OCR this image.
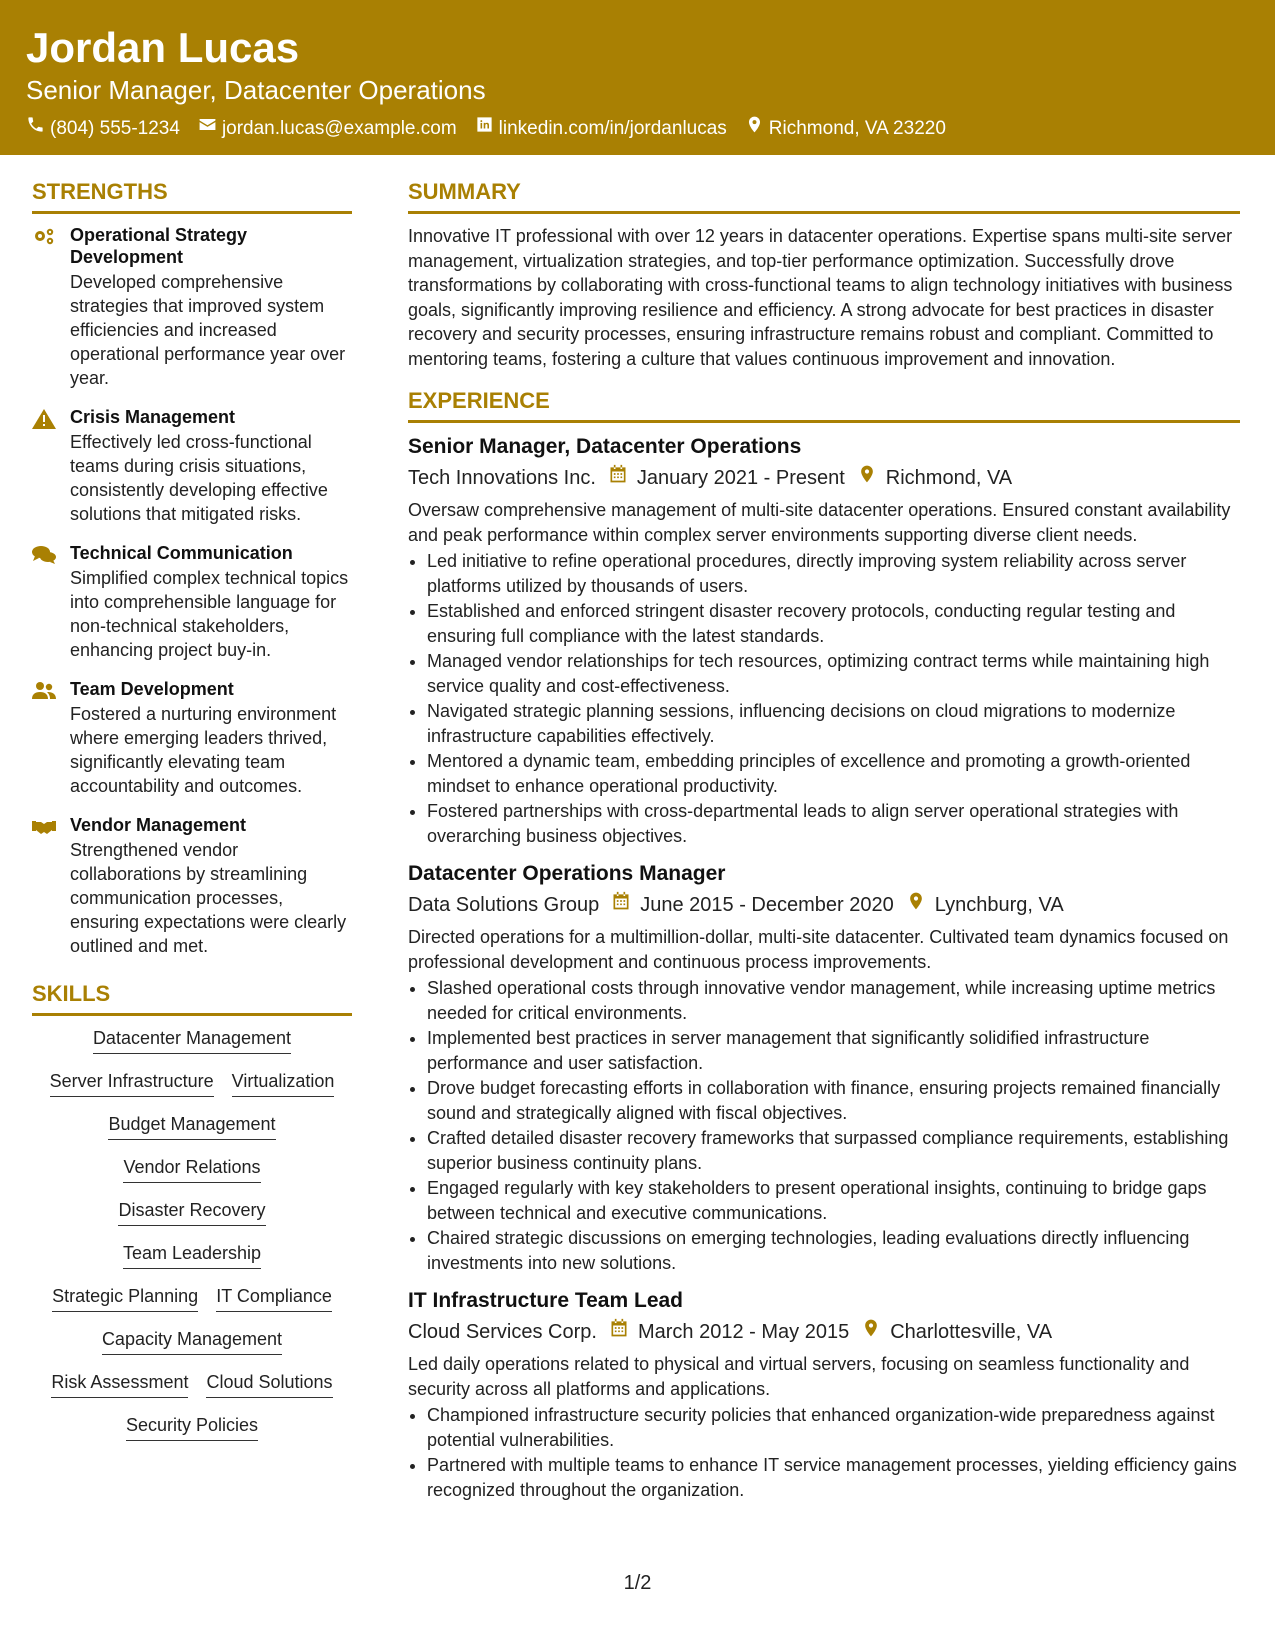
Jordan Lucas
Senior Manager, Datacenter Operations
(804) 555-1234 jordan.lucas@example.com linkedin.com/in/jordanlucas Richmond, VA 23220
STRENGTHS
Operational Strategy Development
Developed comprehensive strategies that improved system efficiencies and increased operational performance year over year.
Crisis Management
Effectively led cross-functional teams during crisis situations, consistently developing effective solutions that mitigated risks.
Technical Communication
Simplified complex technical topics into comprehensible language for non-technical stakeholders, enhancing project buy-in.
Team Development
Fostered a nurturing environment where emerging leaders thrived, significantly elevating team accountability and outcomes.
Vendor Management
Strengthened vendor collaborations by streamlining communication processes, ensuring expectations were clearly outlined and met.
SKILLS
Datacenter Management
Server Infrastructure Virtualization
Budget Management
Vendor Relations
Disaster Recovery
Team Leadership
Strategic Planning IT Compliance
Capacity Management
Risk Assessment Cloud Solutions
Security Policies
SUMMARY

Innovative IT professional with over 12 years in datacenter operations. Expertise spans multi-site server management, virtualization strategies, and top-tier performance optimization. Successfully drove transformations by collaborating with cross-functional teams to align technology initiatives with business goals, significantly improving resilience and efficiency. A strong advocate for best practices in disaster recovery and security processes, ensuring infrastructure remains robust and compliant. Committed to mentoring teams, fostering a culture that values continuous improvement and innovation.

EXPERIENCE
Senior Manager, Datacenter Operations
Tech Innovations Inc. January 2021 - Present Richmond, VA
Oversaw comprehensive management of multi-site datacenter operations. Ensured constant availability and peak performance within complex server environments supporting diverse client needs.
• Led initiative to refine operational procedures, directly improving system reliability across server platforms utilized by thousands of users.
• Established and enforced stringent disaster recovery protocols, conducting regular testing and ensuring full compliance with the latest standards.
• Managed vendor relationships for tech resources, optimizing contract terms while maintaining high service quality and cost-effectiveness.
• Navigated strategic planning sessions, influencing decisions on cloud migrations to modernize infrastructure capabilities effectively.
• Mentored a dynamic team, embedding principles of excellence and promoting a growth-oriented mindset to enhance operational productivity.
• Fostered partnerships with cross-departmental leads to align server operational strategies with overarching business objectives.
Datacenter Operations Manager
Data Solutions Group June 2015 - December 2020 Lynchburg, VA
Directed operations for a multimillion-dollar, multi-site datacenter. Cultivated team dynamics focused on professional development and continuous process improvements.
• Slashed operational costs through innovative vendor management, while increasing uptime metrics needed for critical environments.
• Implemented best practices in server management that significantly solidified infrastructure performance and user satisfaction.
• Drove budget forecasting efforts in collaboration with finance, ensuring projects remained financially sound and strategically aligned with fiscal objectives.
• Crafted detailed disaster recovery frameworks that surpassed compliance requirements, establishing superior business continuity plans.
• Engaged regularly with key stakeholders to present operational insights, continuing to bridge gaps between technical and executive communications.
• Chaired strategic discussions on emerging technologies, leading evaluations directly influencing investments into new solutions.
IT Infrastructure Team Lead
Cloud Services Corp. March 2012 - May 2015 Charlottesville, VA
Led daily operations related to physical and virtual servers, focusing on seamless functionality and security across all platforms and applications.
• Championed infrastructure security policies that enhanced organization-wide preparedness against potential vulnerabilities.
• Partnered with multiple teams to enhance IT service management processes, yielding efficiency gains recognized throughout the organization.
1/2
